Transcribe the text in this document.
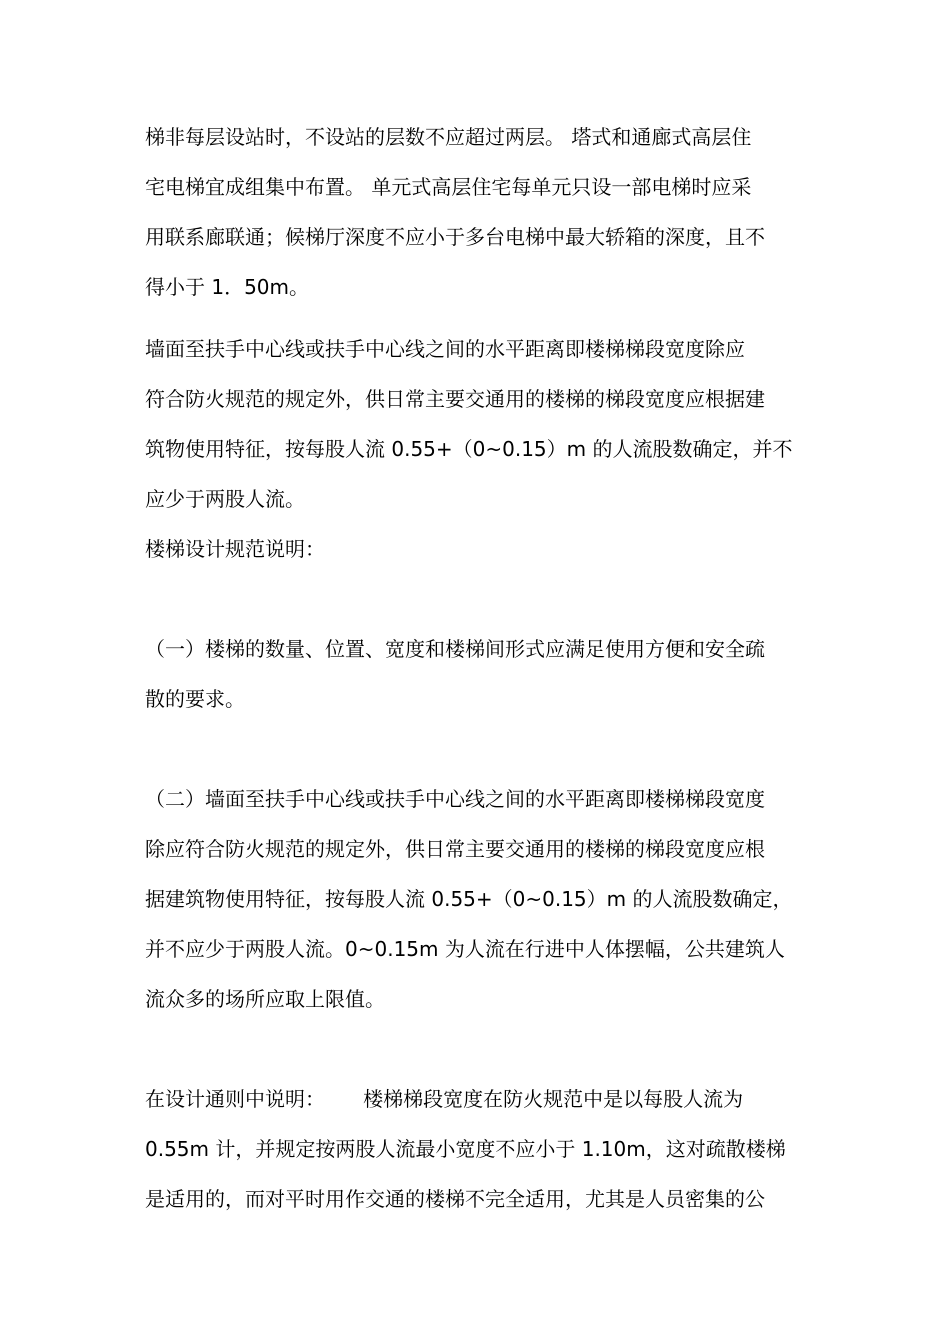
梯非每层设站时，不设站的层数不应超过两层。 塔式和通廊式高层住
宅电梯宜成组集中布置。 单元式高层住宅每单元只设一部电梯时应采
用联系廊联通；候梯厅深度不应小于多台电梯中最大轿箱的深度，且不
得小于 1．50m。
墙面至扶手中心线或扶手中心线之间的水平距离即楼梯梯段宽度除应
符合防火规范的规定外，供日常主要交通用的楼梯的梯段宽度应根据建
筑物使用特征，按每股人流 0.55+（0~0.15）m 的人流股数确定，并不
应少于两股人流。
楼梯设计规范说明：
（一）楼梯的数量、位置、宽度和楼梯间形式应满足使用方便和安全疏
散的要求。
（二）墙面至扶手中心线或扶手中心线之间的水平距离即楼梯梯段宽度
除应符合防火规范的规定外，供日常主要交通用的楼梯的梯段宽度应根
据建筑物使用特征，按每股人流 0.55+（0~0.15）m 的人流股数确定，
并不应少于两股人流。0~0.15m 为人流在行进中人体摆幅，公共建筑人
流众多的场所应取上限值。
在设计通则中说明：      楼梯梯段宽度在防火规范中是以每股人流为
0.55m 计，并规定按两股人流最小宽度不应小于 1.10m，这对疏散楼梯
是适用的，而对平时用作交通的楼梯不完全适用，尤其是人员密集的公
